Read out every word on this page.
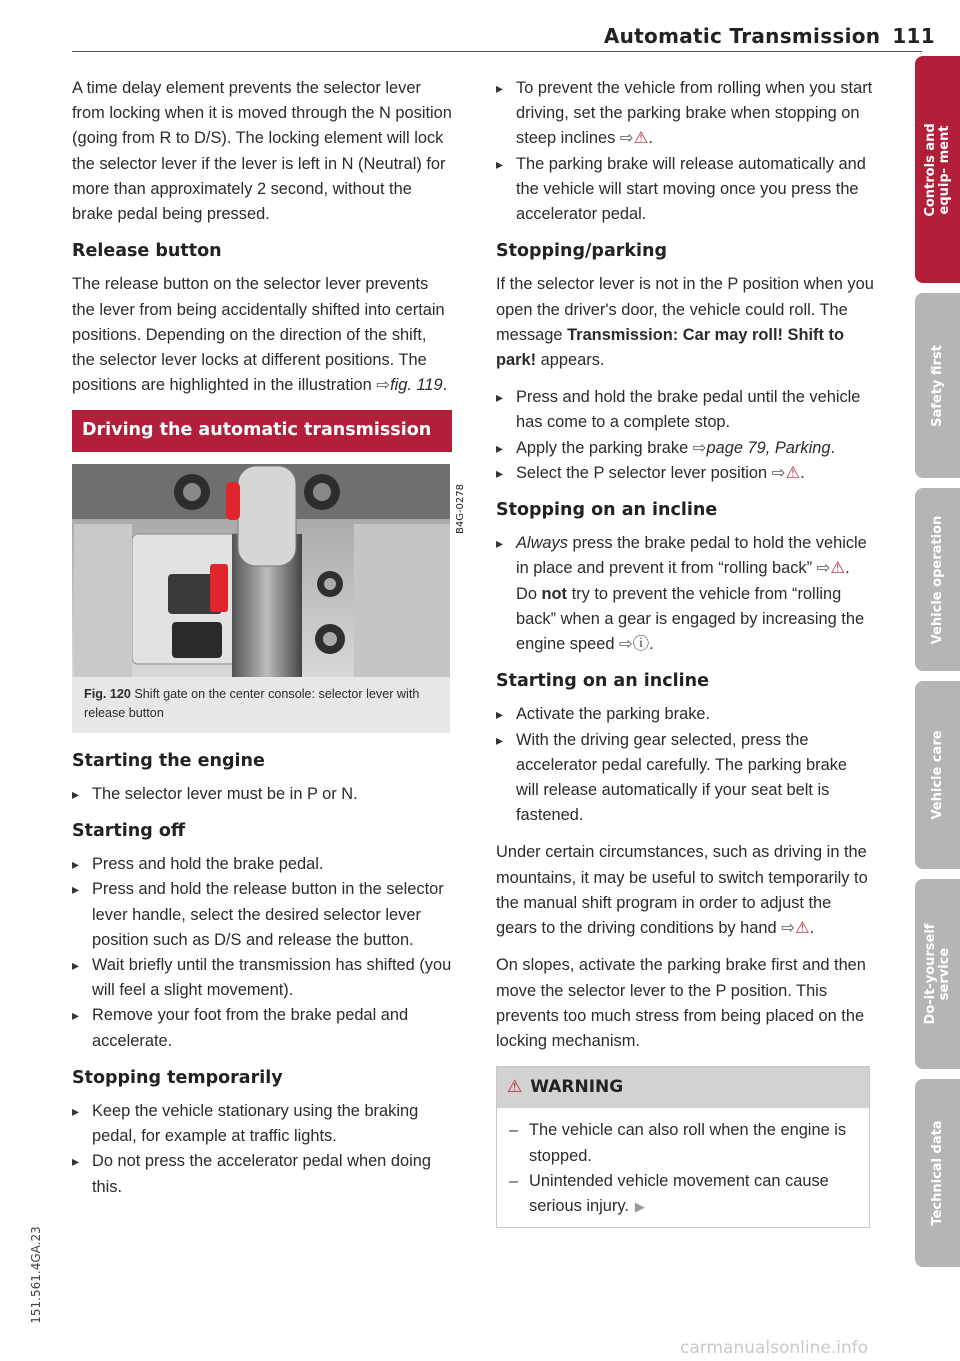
Automatic Transmission 111

A time delay element prevents the selector lever from locking when it is moved through the N position (going from R to D/S). The locking element will lock the selector lever if the lever is left in N (Neutral) for more than approximately 2 second, without the brake pedal being pressed.

Release button

The release button on the selector lever prevents the lever from being accidentally shifted into certain positions. Depending on the direction of the shift, the selector lever locks at different positions. The positions are highlighted in the illustration ⇨fig. 119.

Driving the automatic transmission
B4G-0278
Fig. 120 Shift gate on the center console: selector lever with release button
Starting the engine
▸ The selector lever must be in P or N.
Starting off
▸ Press and hold the brake pedal.
▸ Press and hold the release button in the selector lever handle, select the desired selector lever position such as D/S and release the button.
▸ Wait briefly until the transmission has shifted (you will feel a slight movement).
▸ Remove your foot from the brake pedal and accelerate.
Stopping temporarily
▸ Keep the vehicle stationary using the braking pedal, for example at traffic lights.
▸ Do not press the accelerator pedal when doing this.
▸ To prevent the vehicle from rolling when you start driving, set the parking brake when stopping on steep inclines ⇨⚠.
▸ The parking brake will release automatically and the vehicle will start moving once you press the accelerator pedal.
Stopping/parking

If the selector lever is not in the P position when you open the driver's door, the vehicle could roll. The message Transmission: Car may roll! Shift to park! appears.

▸ Press and hold the brake pedal until the vehicle has come to a complete stop.
▸ Apply the parking brake ⇨page 79, Parking.
▸ Select the P selector lever position ⇨⚠.
Stopping on an incline
▸ Always press the brake pedal to hold the vehicle in place and prevent it from “rolling back” ⇨⚠. Do not try to prevent the vehicle from “rolling back” when a gear is engaged by increasing the engine speed ⇨ⓘ.
Starting on an incline
▸ Activate the parking brake.
▸ With the driving gear selected, press the accelerator pedal carefully. The parking brake will release automatically if your seat belt is fastened.

Under certain circumstances, such as driving in the mountains, it may be useful to switch temporarily to the manual shift program in order to adjust the gears to the driving conditions by hand ⇨⚠.

On slopes, activate the parking brake first and then move the selector lever to the P position. This prevents too much stress from being placed on the locking mechanism.

⚠ WARNING
– The vehicle can also roll when the engine is stopped.
– Unintended vehicle movement can cause serious injury. ▶
Controls and equip- ment
Safety first
Vehicle operation
Vehicle care
Do-it-yourself service
Technical data
151.561.4GA.23
carmanualsonline.info
